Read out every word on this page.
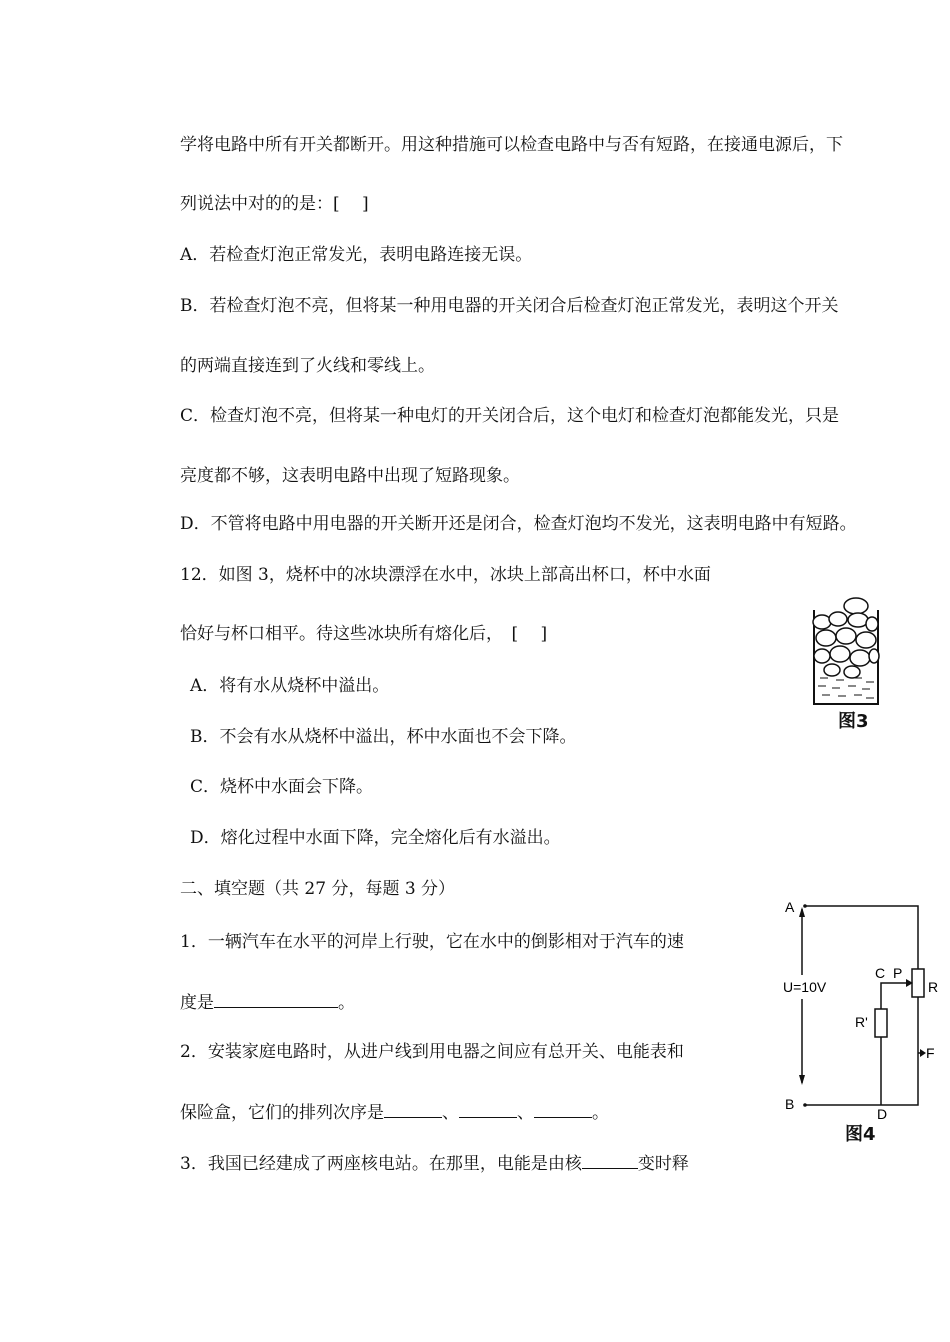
学将电路中所有开关都断开。用这种措施可以检查电路中与否有短路，在接通电源后，下
列说法中对的的是：[　 ]
A．若检查灯泡正常发光，表明电路连接无误。
B．若检查灯泡不亮，但将某一种用电器的开关闭合后检查灯泡正常发光，表明这个开关
的两端直接连到了火线和零线上。
C．检查灯泡不亮，但将某一种电灯的开关闭合后，这个电灯和检查灯泡都能发光，只是
亮度都不够，这表明电路中出现了短路现象。
D．不管将电路中用电器的开关断开还是闭合，检查灯泡均不发光，这表明电路中有短路。
12．如图 3，烧杯中的冰块漂浮在水中，冰块上部高出杯口，杯中水面
恰好与杯口相平。待这些冰块所有熔化后，　[　 ]
A．将有水从烧杯中溢出。
B．不会有水从烧杯中溢出，杯中水面也不会下降。
C．烧杯中水面会下降。
D．熔化过程中水面下降，完全熔化后有水溢出。
二、填空题（共 27 分，每题 3 分）
1．一辆汽车在水平的河岸上行驶，它在水中的倒影相对于汽车的速
度是	。
2．安装家庭电路时，从进户线到用电器之间应有总开关、电能表和
保险盒，它们的排列次序是	、	、	。
3．我国已经建成了两座核电站。在那里，电能是由核	变时释
图3
A
B
C P
R
R'
F
D
U=10V
图4
